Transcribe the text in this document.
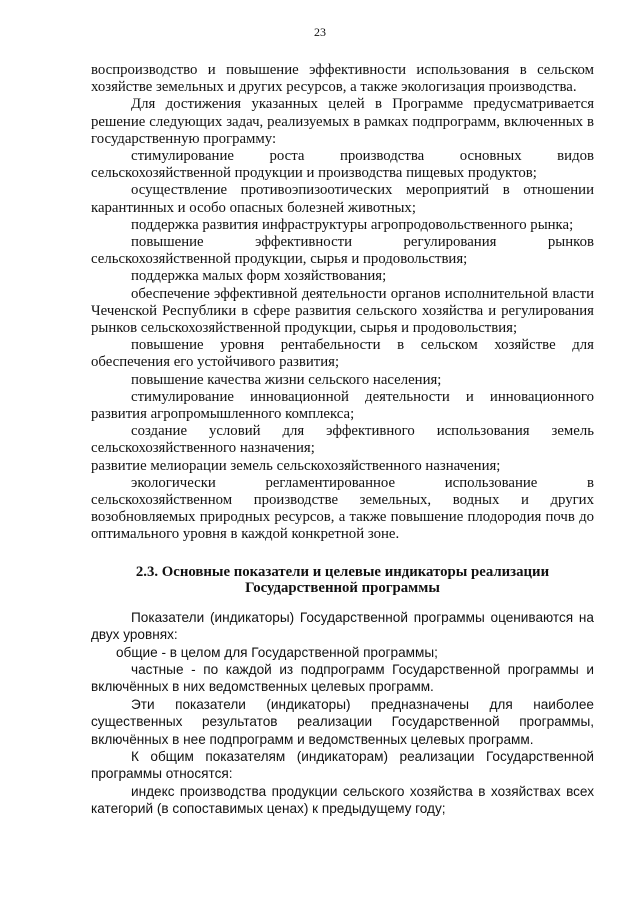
23

воспроизводство и повышение эффективности использования в сельском хозяйстве земельных и других ресурсов, а также экологизация производства.

Для достижения указанных целей в Программе предусматривается решение следующих задач, реализуемых в рамках подпрограмм, включенных в государственную программу:

стимулирование роста производства основных видов сельскохозяйственной продукции и производства пищевых продуктов;

осуществление противоэпизоотических мероприятий в отношении карантинных и особо опасных болезней животных;

поддержка развития инфраструктуры агропродовольственного рынка;

повышение эффективности регулирования рынков сельскохозяйственной продукции, сырья и продовольствия;

поддержка малых форм хозяйствования;

обеспечение эффективной деятельности органов исполнительной власти Чеченской Республики в сфере развития сельского хозяйства и регулирования рынков сельскохозяйственной продукции, сырья и продовольствия;

повышение уровня рентабельности в сельском хозяйстве для обеспечения его устойчивого развития;

повышение качества жизни сельского населения;

стимулирование инновационной деятельности и инновационного развития агропромышленного комплекса;

создание условий для эффективного использования земель сельскохозяйственного назначения;

развитие мелиорации земель сельскохозяйственного назначения;

экологически регламентированное использование в сельскохозяйственном производстве земельных, водных и других возобновляемых природных ресурсов, а также повышение плодородия почв до оптимального уровня в каждой конкретной зоне.

2.3. Основные показатели и целевые индикаторы реализации
Государственной программы

Показатели (индикаторы) Государственной программы оцениваются на двух уровнях:

общие - в целом для Государственной программы;

частные - по каждой из подпрограмм Государственной программы и включённых в них ведомственных целевых программ.

Эти показатели (индикаторы) предназначены для наиболее существенных результатов реализации Государственной программы, включённых в нее подпрограмм и ведомственных целевых программ.

К общим показателям (индикаторам) реализации Государственной программы относятся:

индекс производства продукции сельского хозяйства в хозяйствах всех категорий (в сопоставимых ценах) к предыдущему году;
